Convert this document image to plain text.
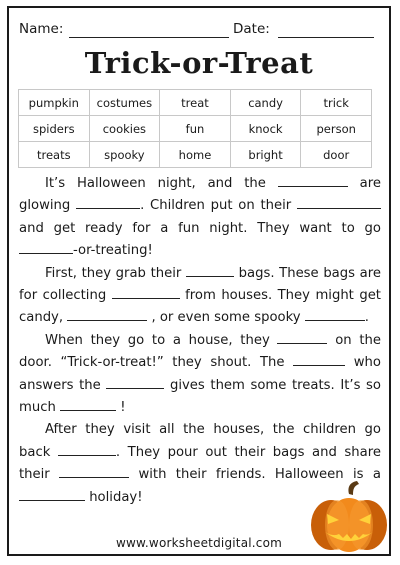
Name:	Date:
Trick-or-Treat
pumpkin	costumes	treat	candy	trick
spiders	cookies	fun	knock	person
treats	spooky	home	bright	door

It’s Halloween night, and the	are glowing	. Children put on their  and get ready for a fun night. They want to go -or-treating!

First, they grab their	bags. These bags are for collecting	from houses. They might get candy,	, or even some spooky	.

When they go to a house, they	on the door. “Trick-or-treat!” they shout. The	who answers the	gives them some treats. It’s so much	!

After they visit all the houses, the children go back	. They pour out their bags and share their	with their friends. Halloween is a  holiday!

www.worksheetdigital.com
